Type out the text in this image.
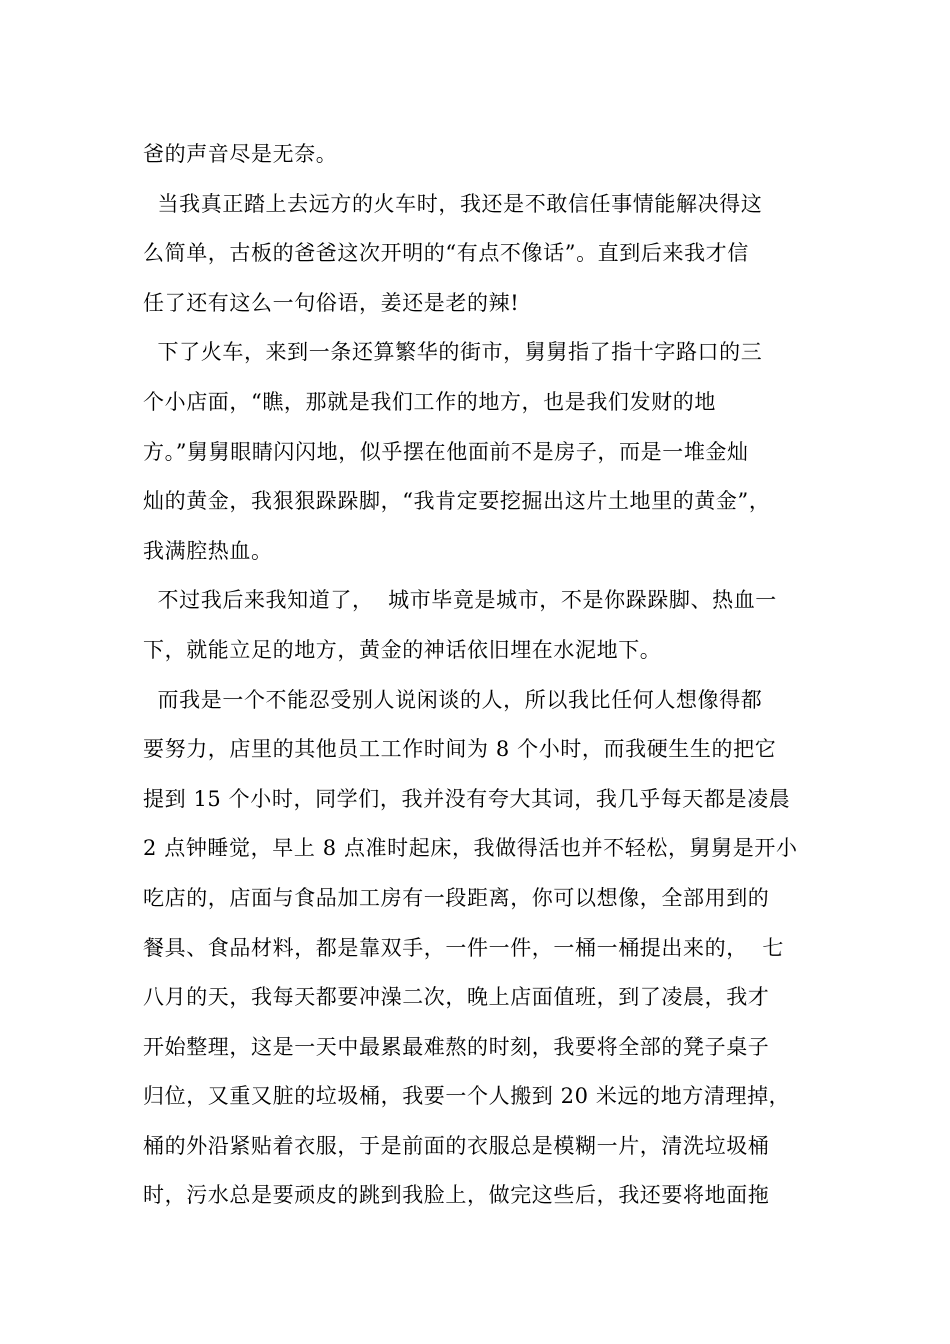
爸的声音尽是无奈。
当我真正踏上去远方的火车时，我还是不敢信任事情能解决得这
么简单，古板的爸爸这次开明的“有点不像话”。直到后来我才信
任了还有这么一句俗语，姜还是老的辣!
下了火车，来到一条还算繁华的街市，舅舅指了指十字路口的三
个小店面，“瞧，那就是我们工作的地方，也是我们发财的地
方。”舅舅眼睛闪闪地，似乎摆在他面前不是房子，而是一堆金灿
灿的黄金，我狠狠跺跺脚，“我肯定要挖掘出这片土地里的黄金”，
我满腔热血。
不过我后来我知道了，  城市毕竟是城市，不是你跺跺脚、热血一
下，就能立足的地方，黄金的神话依旧埋在水泥地下。
而我是一个不能忍受别人说闲谈的人，所以我比任何人想像得都
要努力，店里的其他员工工作时间为 8 个小时，而我硬生生的把它
提到 15 个小时，同学们，我并没有夸大其词，我几乎每天都是凌晨
2 点钟睡觉，早上 8 点准时起床，我做得活也并不轻松，舅舅是开小
吃店的，店面与食品加工房有一段距离，你可以想像，全部用到的
餐具、食品材料，都是靠双手，一件一件，一桶一桶提出来的，  七
八月的天，我每天都要冲澡二次，晚上店面值班，到了凌晨，我才
开始整理，这是一天中最累最难熬的时刻，我要将全部的凳子桌子
归位，又重又脏的垃圾桶，我要一个人搬到 20 米远的地方清理掉，
桶的外沿紧贴着衣服，于是前面的衣服总是模糊一片，清洗垃圾桶
时，污水总是要顽皮的跳到我脸上，做完这些后，我还要将地面拖
